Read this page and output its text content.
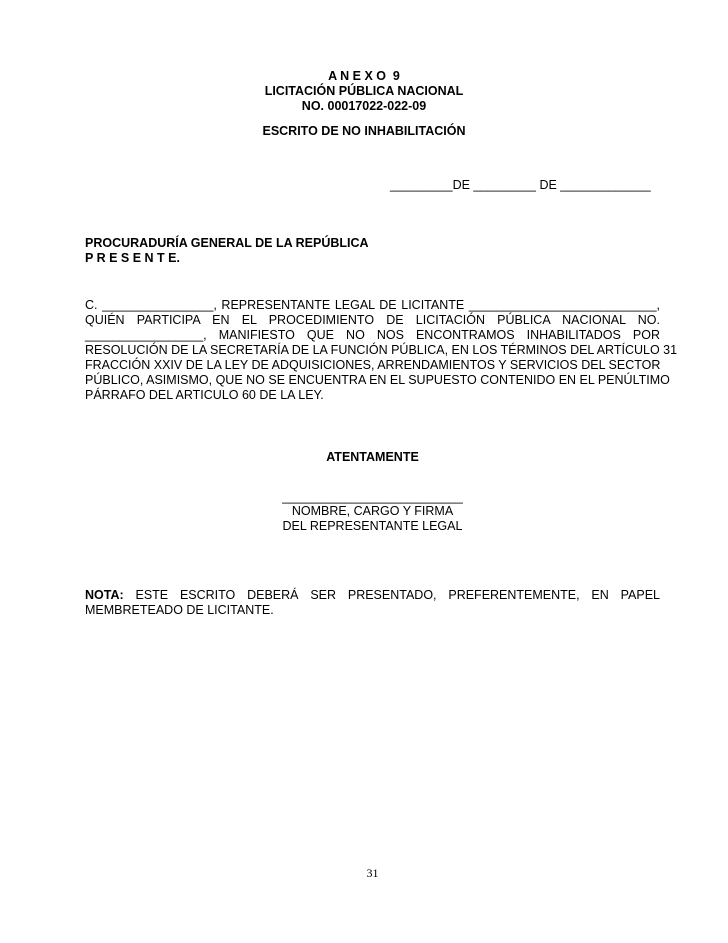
A N E X O  9
LICITACIÓN PÚBLICA NACIONAL
NO. 00017022-022-09
ESCRITO DE NO INHABILITACIÓN
_________DE _________ DE _____________
PROCURADURÍA GENERAL DE LA REPÚBLICA
P R E S E N T E.
C. ________________, REPRESENTANTE LEGAL DE LICITANTE ___________________________,
QUIÉN PARTICIPA EN EL PROCEDIMIENTO DE LICITACIÓN PÚBLICA NACIONAL NO.
_________________, MANIFIESTO QUE NO NOS ENCONTRAMOS INHABILITADOS POR
RESOLUCIÓN DE LA SECRETARÍA DE LA FUNCIÓN PÚBLICA, EN LOS TÉRMINOS DEL ARTÍCULO 31
FRACCIÓN XXIV DE LA LEY DE ADQUISICIONES, ARRENDAMIENTOS Y SERVICIOS DEL SECTOR
PÚBLICO, ASIMISMO, QUE NO SE ENCUENTRA EN EL SUPUESTO CONTENIDO EN EL PENÚLTIMO
PÁRRAFO DEL ARTICULO 60 DE LA LEY.
ATENTAMENTE
__________________________
NOMBRE, CARGO Y FIRMA
DEL REPRESENTANTE LEGAL
NOTA: ESTE ESCRITO DEBERÁ SER PRESENTADO, PREFERENTEMENTE, EN PAPEL
MEMBRETEADO DE LICITANTE.
31
